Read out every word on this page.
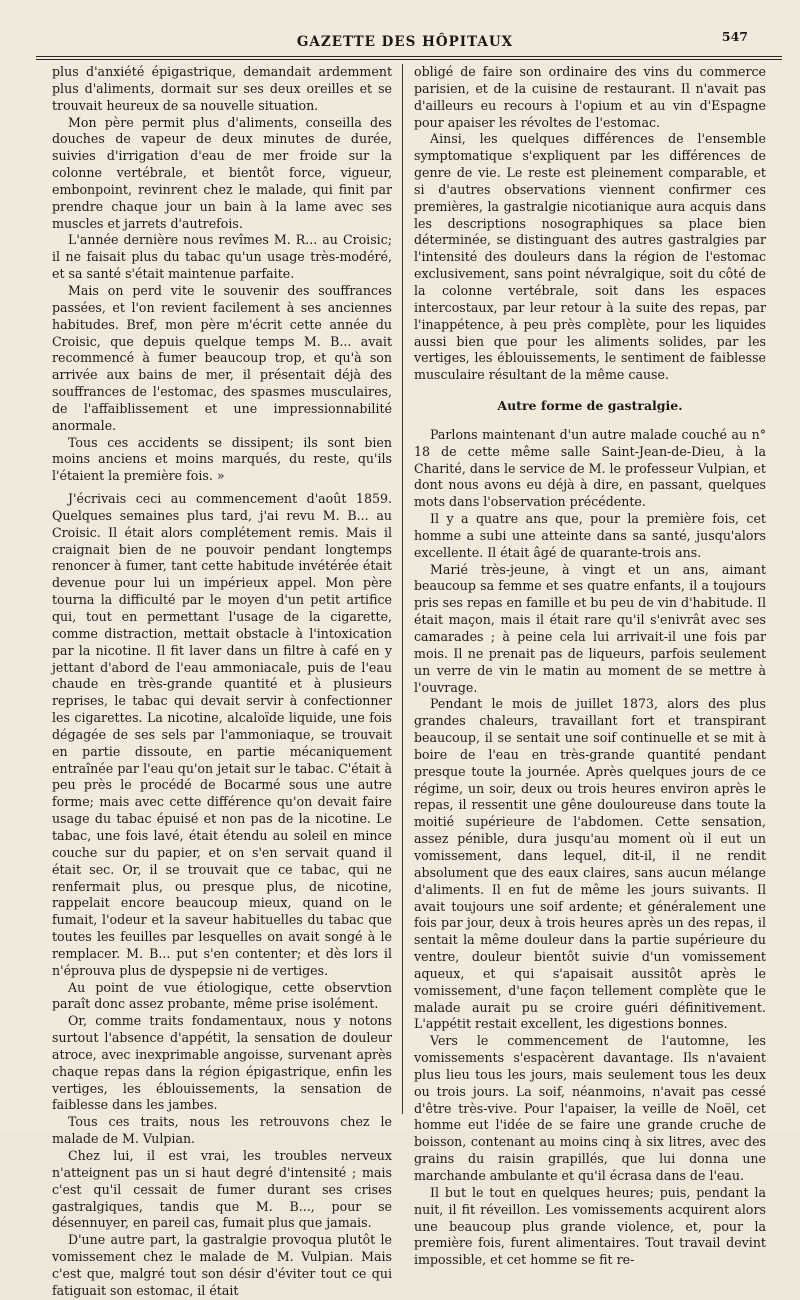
GAZETTE DES HÔPITAUX	547

plus d'anxiété épigastrique, demandait ardemment plus d'aliments, dormait sur ses deux oreilles et se trouvait heureux de sa nouvelle situation.

Mon père permit plus d'aliments, conseilla des douches de vapeur de deux minutes de durée, suivies d'irrigation d'eau de mer froide sur la colonne vertébrale, et bientôt force, vigueur, embonpoint, revinrent chez le malade, qui finit par prendre chaque jour un bain à la lame avec ses muscles et jarrets d'autrefois.

L'année dernière nous revîmes M. R... au Croisic; il ne faisait plus du tabac qu'un usage très-modéré, et sa santé s'était maintenue parfaite.

Mais on perd vite le souvenir des souffrances passées, et l'on revient facilement à ses anciennes habitudes. Bref, mon père m'écrit cette année du Croisic, que depuis quelque temps M. B... avait recommencé à fumer beaucoup trop, et qu'à son arrivée aux bains de mer, il présentait déjà des souffrances de l'estomac, des spasmes musculaires, de l'affaiblissement et une impressionnabilité anormale.

Tous ces accidents se dissipent; ils sont bien moins anciens et moins marqués, du reste, qu'ils l'étaient la première fois. »

J'écrivais ceci au commencement d'août 1859. Quelques semaines plus tard, j'ai revu M. B... au Croisic. Il était alors complétement remis. Mais il craignait bien de ne pouvoir pendant longtemps renoncer à fumer, tant cette habitude invétérée était devenue pour lui un impérieux appel. Mon père tourna la difficulté par le moyen d'un petit artifice qui, tout en permettant l'usage de la cigarette, comme distraction, mettait obstacle à l'intoxication par la nicotine. Il fit laver dans un filtre à café en y jettant d'abord de l'eau ammoniacale, puis de l'eau chaude en très-grande quantité et à plusieurs reprises, le tabac qui devait servir à confectionner les cigarettes. La nicotine, alcaloïde liquide, une fois dégagée de ses sels par l'ammoniaque, se trouvait en partie dissoute, en partie mécaniquement entraînée par l'eau qu'on jetait sur le tabac. C'était à peu près le procédé de Bocarmé sous une autre forme; mais avec cette différence qu'on devait faire usage du tabac épuisé et non pas de la nicotine. Le tabac, une fois lavé, était étendu au soleil en mince couche sur du papier, et on s'en servait quand il était sec. Or, il se trouvait que ce tabac, qui ne renfermait plus, ou presque plus, de nicotine, rappelait encore beaucoup mieux, quand on le fumait, l'odeur et la saveur habituelles du tabac que toutes les feuilles par lesquelles on avait songé à le remplacer. M. B... put s'en contenter; et dès lors il n'éprouva plus de dyspepsie ni de vertiges.

Au point de vue étiologique, cette observtion paraît donc assez probante, même prise isolément.

Or, comme traits fondamentaux, nous y notons surtout l'absence d'appétit, la sensation de douleur atroce, avec inexprimable angoisse, survenant après chaque repas dans la région épigastrique, enfin les vertiges, les éblouissements, la sensation de faiblesse dans les jambes.

Tous ces traits, nous les retrouvons chez le malade de M. Vulpian.

Chez lui, il est vrai, les troubles nerveux n'atteignent pas un si haut degré d'intensité ; mais c'est qu'il cessait de fumer durant ses crises gastralgiques, tandis que M. B..., pour se désennuyer, en pareil cas, fumait plus que jamais.

D'une autre part, la gastralgie provoqua plutôt le vomissement chez le malade de M. Vulpian. Mais c'est que, malgré tout son désir d'éviter tout ce qui fatiguait son estomac, il était

obligé de faire son ordinaire des vins du commerce parisien, et de la cuisine de restaurant. Il n'avait pas d'ailleurs eu recours à l'opium et au vin d'Espagne pour apaiser les révoltes de l'estomac.

Ainsi, les quelques différences de l'ensemble symptomatique s'expliquent par les différences de genre de vie. Le reste est pleinement comparable, et si d'autres observations viennent confirmer ces premières, la gastralgie nicotianique aura acquis dans les descriptions nosographiques sa place bien déterminée, se distinguant des autres gastralgies par l'intensité des douleurs dans la région de l'estomac exclusivement, sans point névralgique, soit du côté de la colonne vertébrale, soit dans les espaces intercostaux, par leur retour à la suite des repas, par l'inappétence, à peu près complète, pour les liquides aussi bien que pour les aliments solides, par les vertiges, les éblouissements, le sentiment de faiblesse musculaire résultant de la même cause.

Autre forme de gastralgie.

Parlons maintenant d'un autre malade couché au n° 18 de cette même salle Saint-Jean-de-Dieu, à la Charité, dans le service de M. le professeur Vulpian, et dont nous avons eu déjà à dire, en passant, quelques mots dans l'observation précédente.

Il y a quatre ans que, pour la première fois, cet homme a subi une atteinte dans sa santé, jusqu'alors excellente. Il était âgé de quarante-trois ans.

Marié très-jeune, à vingt et un ans, aimant beaucoup sa femme et ses quatre enfants, il a toujours pris ses repas en famille et bu peu de vin d'habitude. Il était maçon, mais il était rare qu'il s'enivrât avec ses camarades ; à peine cela lui arrivait-il une fois par mois. Il ne prenait pas de liqueurs, parfois seulement un verre de vin le matin au moment de se mettre à l'ouvrage.

Pendant le mois de juillet 1873, alors des plus grandes chaleurs, travaillant fort et transpirant beaucoup, il se sentait une soif continuelle et se mit à boire de l'eau en très-grande quantité pendant presque toute la journée. Après quelques jours de ce régime, un soir, deux ou trois heures environ après le repas, il ressentit une gêne douloureuse dans toute la moitié supérieure de l'abdomen. Cette sensation, assez pénible, dura jusqu'au moment où il eut un vomissement, dans lequel, dit-il, il ne rendit absolument que des eaux claires, sans aucun mélange d'aliments. Il en fut de même les jours suivants. Il avait toujours une soif ardente; et généralement une fois par jour, deux à trois heures après un des repas, il sentait la même douleur dans la partie supérieure du ventre, douleur bientôt suivie d'un vomissement aqueux, et qui s'apaisait aussitôt après le vomissement, d'une façon tellement complète que le malade aurait pu se croire guéri définitivement. L'appétit restait excellent, les digestions bonnes.

Vers le commencement de l'automne, les vomissements s'espacèrent davantage. Ils n'avaient plus lieu tous les jours, mais seulement tous les deux ou trois jours. La soif, néanmoins, n'avait pas cessé d'être très-vive. Pour l'apaiser, la veille de Noël, cet homme eut l'idée de se faire une grande cruche de boisson, contenant au moins cinq à six litres, avec des grains du raisin grapillés, que lui donna une marchande ambulante et qu'il écrasa dans de l'eau.

Il but le tout en quelques heures; puis, pendant la nuit, il fit réveillon. Les vomissements acquirent alors une beaucoup plus grande violence, et, pour la première fois, furent alimentaires. Tout travail devint impossible, et cet homme se fit re-
